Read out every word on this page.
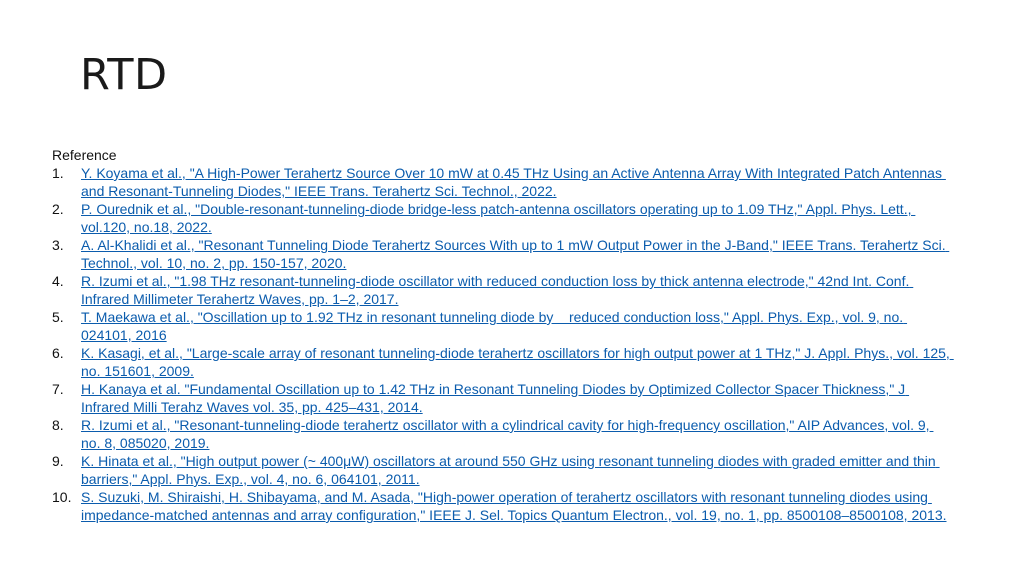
RTD
Reference
1.	Y. Koyama et al., "A High-Power Terahertz Source Over 10 mW at 0.45 THz Using an Active Antenna Array With Integrated Patch Antennas and Resonant-Tunneling Diodes," IEEE Trans. Terahertz Sci. Technol., 2022.
2.	P. Ourednik et al., "Double-resonant-tunneling-diode bridge-less patch-antenna oscillators operating up to 1.09 THz," Appl. Phys. Lett., vol.120, no.18, 2022.
3.	A. Al-Khalidi et al., "Resonant Tunneling Diode Terahertz Sources With up to 1 mW Output Power in the J-Band," IEEE Trans. Terahertz Sci. Technol., vol. 10, no. 2, pp. 150-157, 2020.
4.	R. Izumi et al., "1.98 THz resonant-tunneling-diode oscillator with reduced conduction loss by thick antenna electrode," 42nd Int. Conf. Infrared Millimeter Terahertz Waves, pp. 1–2, 2017.
5.	T. Maekawa et al., "Oscillation up to 1.92 THz in resonant tunneling diode by    reduced conduction loss," Appl. Phys. Exp., vol. 9, no. 024101, 2016
6.	K. Kasagi, et al., "Large-scale array of resonant tunneling-diode terahertz oscillators for high output power at 1 THz," J. Appl. Phys., vol. 125, no. 151601, 2009.
7.	H. Kanaya et al. "Fundamental Oscillation up to 1.42 THz in Resonant Tunneling Diodes by Optimized Collector Spacer Thickness," J Infrared Milli Terahz Waves vol. 35, pp. 425–431, 2014.
8.	R. Izumi et al., "Resonant-tunneling-diode terahertz oscillator with a cylindrical cavity for high-frequency oscillation," AIP Advances, vol. 9, no. 8, 085020, 2019.
9.	K. Hinata et al., "High output power (~ 400μW) oscillators at around 550 GHz using resonant tunneling diodes with graded emitter and thin barriers," Appl. Phys. Exp., vol. 4, no. 6, 064101, 2011.
10. S. Suzuki, M. Shiraishi, H. Shibayama, and M. Asada, "High-power operation of terahertz oscillators with resonant tunneling diodes using impedance-matched antennas and array configuration," IEEE J. Sel. Topics Quantum Electron., vol. 19, no. 1, pp. 8500108–8500108, 2013.
